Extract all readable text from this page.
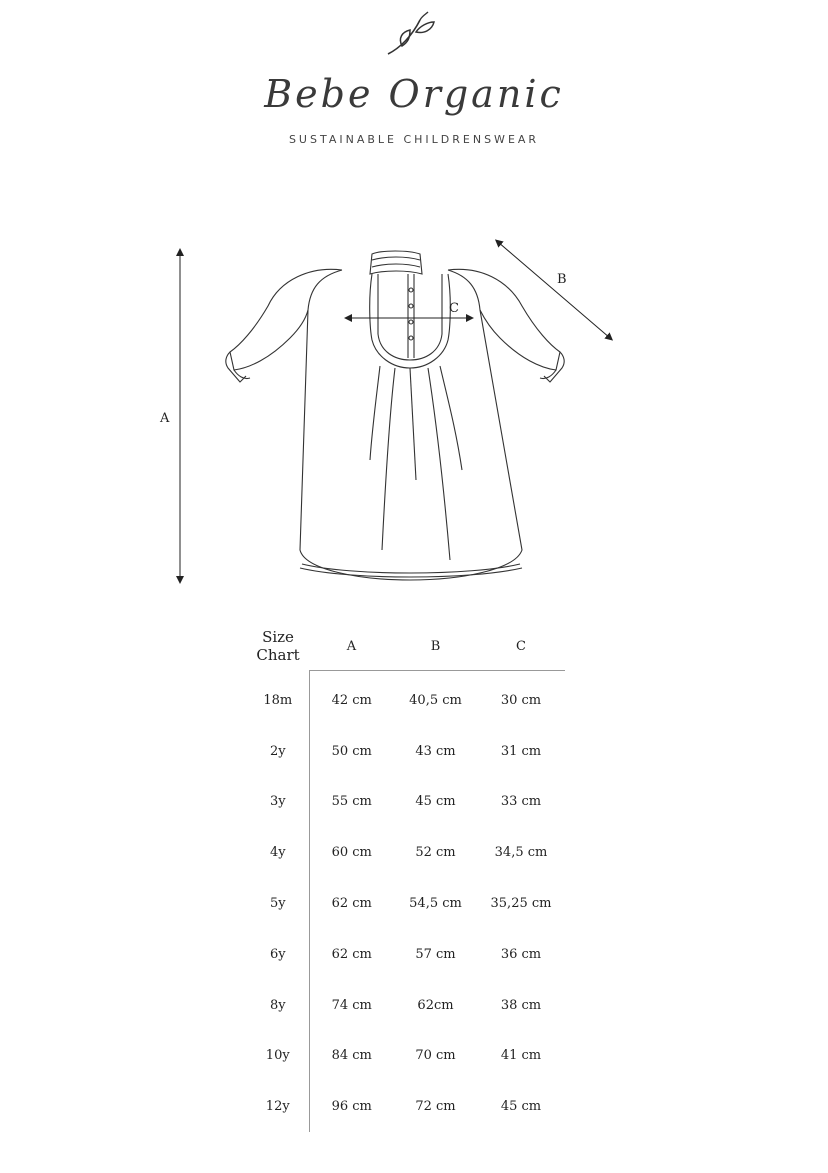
Bebe Organic
SUSTAINABLE CHILDRENSWEAR
A
B
C
Size Chart	A	B	C
18m	42 cm	40,5 cm	30 cm
2y	50 cm	43 cm	31 cm
3y	55 cm	45 cm	33 cm
4y	60 cm	52 cm	34,5 cm
5y	62 cm	54,5 cm	35,25 cm
6y	62 cm	57 cm	36 cm
8y	74 cm	62cm	38 cm
10y	84 cm	70 cm	41 cm
12y	96 cm	72 cm	45 cm
